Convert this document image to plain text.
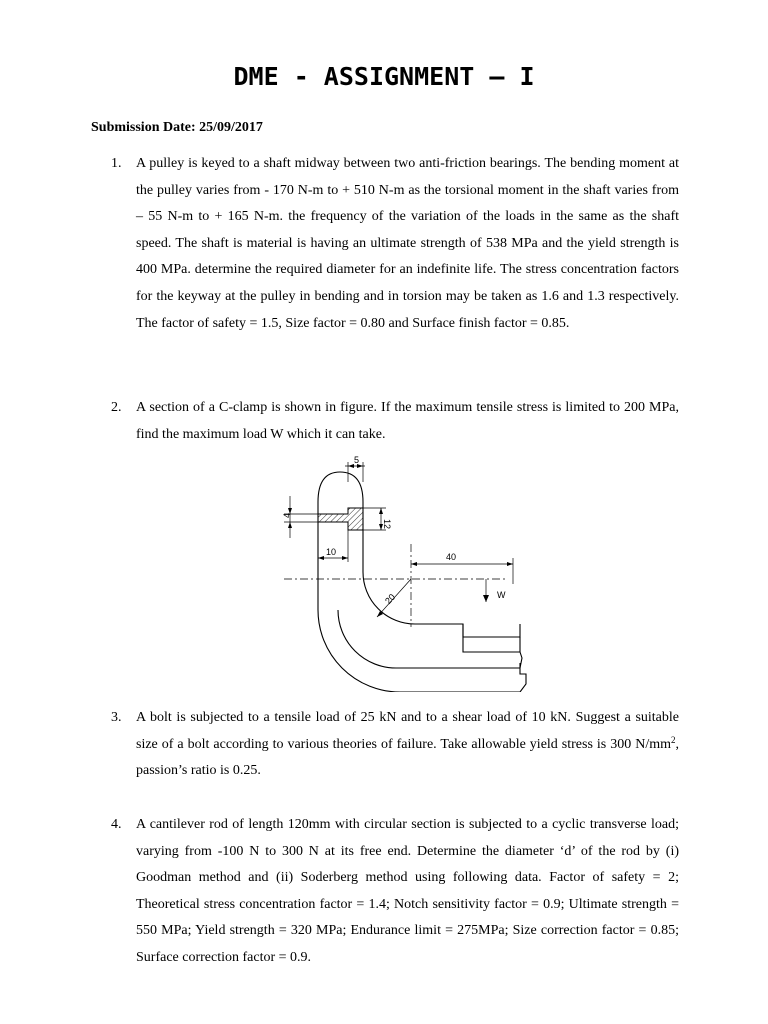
DME - ASSIGNMENT – I
Submission Date: 25/09/2017
1. A pulley is keyed to a shaft midway between two anti-friction bearings. The bending moment at the pulley varies from - 170 N-m to + 510 N-m as the torsional moment in the shaft varies from – 55 N-m to + 165 N-m. the frequency of the variation of the loads in the same as the shaft speed. The shaft is material is having an ultimate strength of 538 MPa and the yield strength is 400 MPa. determine the required diameter for an indefinite life. The stress concentration factors for the keyway at the pulley in bending and in torsion may be taken as 1.6 and 1.3 respectively. The factor of safety = 1.5, Size factor = 0.80 and Surface finish factor = 0.85.
2. A section of a C-clamp is shown in figure. If the maximum tensile stress is limited to 200 MPa, find the maximum load W which it can take.
5
4
12
10	40
20	W
3. A bolt is subjected to a tensile load of 25 kN and to a shear load of 10 kN. Suggest a suitable size of a bolt according to various theories of failure. Take allowable yield stress is 300 $N/mm^2$, passion’s ratio is 0.25.
4. A cantilever rod of length 120mm with circular section is subjected to a cyclic transverse load; varying from -100 N to 300 N at its free end. Determine the diameter ‘d’ of the rod by (i) Goodman method and (ii) Soderberg method using following data. Factor of safety = 2; Theoretical stress concentration factor = 1.4; Notch sensitivity factor = 0.9; Ultimate strength = 550 MPa; Yield strength = 320 MPa; Endurance limit = 275MPa; Size correction factor = 0.85; Surface correction factor = 0.9.
